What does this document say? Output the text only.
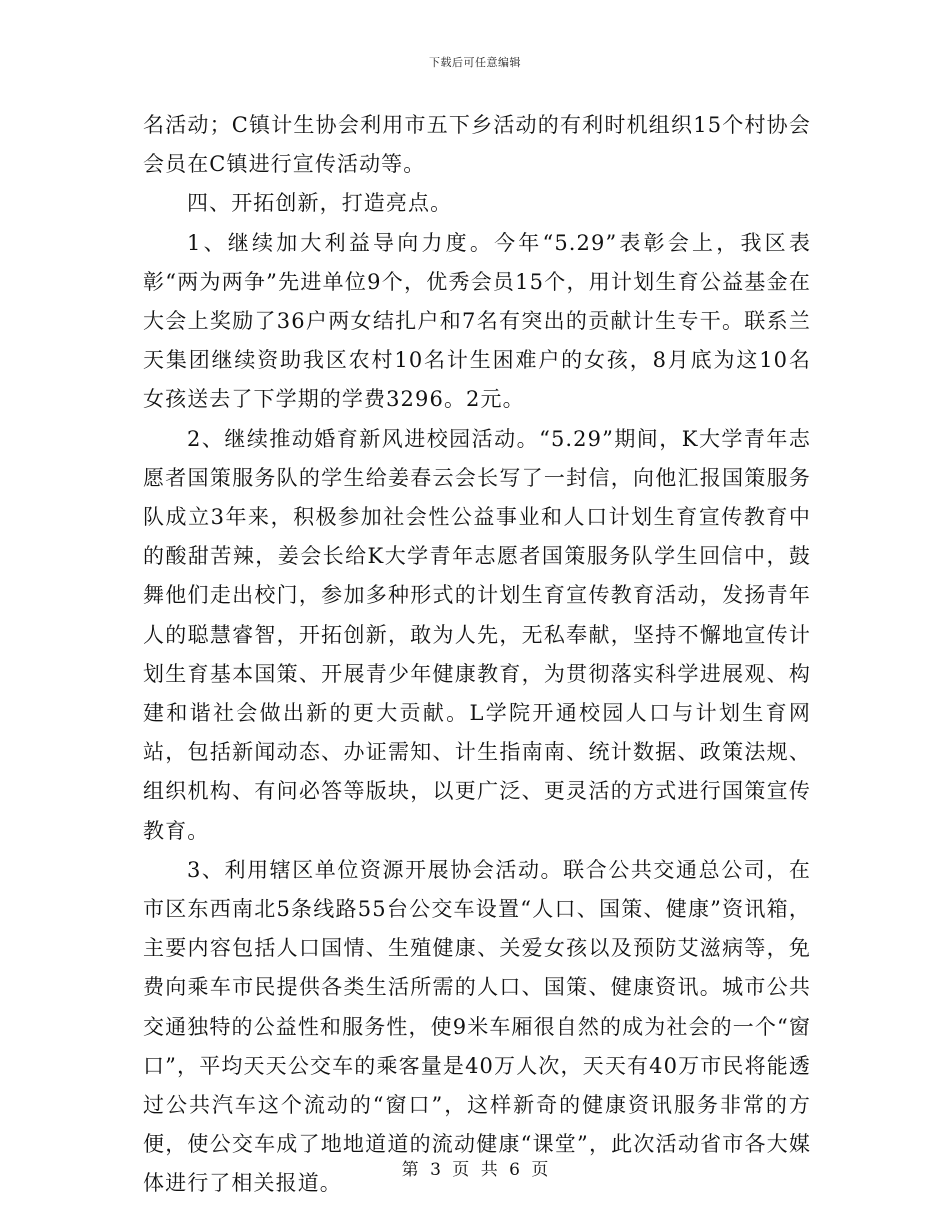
下载后可任意编辑

名活动；C镇计生协会利用市五下乡活动的有利时机组织15个村协会会员在C镇进行宣传活动等。

四、开拓创新，打造亮点。

1、继续加大利益导向力度。今年“5.29”表彰会上，我区表彰“两为两争”先进单位9个，优秀会员15个，用计划生育公益基金在大会上奖励了36户两女结扎户和7名有突出的贡献计生专干。联系兰天集团继续资助我区农村10名计生困难户的女孩，8月底为这10名女孩送去了下学期的学费3296。2元。

2、继续推动婚育新风进校园活动。“5.29”期间，K大学青年志愿者国策服务队的学生给姜春云会长写了一封信，向他汇报国策服务队成立3年来，积极参加社会性公益事业和人口计划生育宣传教育中的酸甜苦辣，姜会长给K大学青年志愿者国策服务队学生回信中，鼓舞他们走出校门，参加多种形式的计划生育宣传教育活动，发扬青年人的聪慧睿智，开拓创新，敢为人先，无私奉献，坚持不懈地宣传计划生育基本国策、开展青少年健康教育，为贯彻落实科学进展观、构建和谐社会做出新的更大贡献。L学院开通校园人口与计划生育网站，包括新闻动态、办证需知、计生指南南、统计数据、政策法规、组织机构、有问必答等版块，以更广泛、更灵活的方式进行国策宣传教育。

3、利用辖区单位资源开展协会活动。联合公共交通总公司，在市区东西南北5条线路55台公交车设置“人口、国策、健康”资讯箱，主要内容包括人口国情、生殖健康、关爱女孩以及预防艾滋病等，免费向乘车市民提供各类生活所需的人口、国策、健康资讯。城市公共交通独特的公益性和服务性，使9米车厢很自然的成为社会的一个“窗口”，平均天天公交车的乘客量是40万人次，天天有40万市民将能透过公共汽车这个流动的“窗口”，这样新奇的健康资讯服务非常的方便，使公交车成了地地道道的流动健康“课堂”，此次活动省市各大媒体进行了相关报道。

第 3 页 共 6 页
